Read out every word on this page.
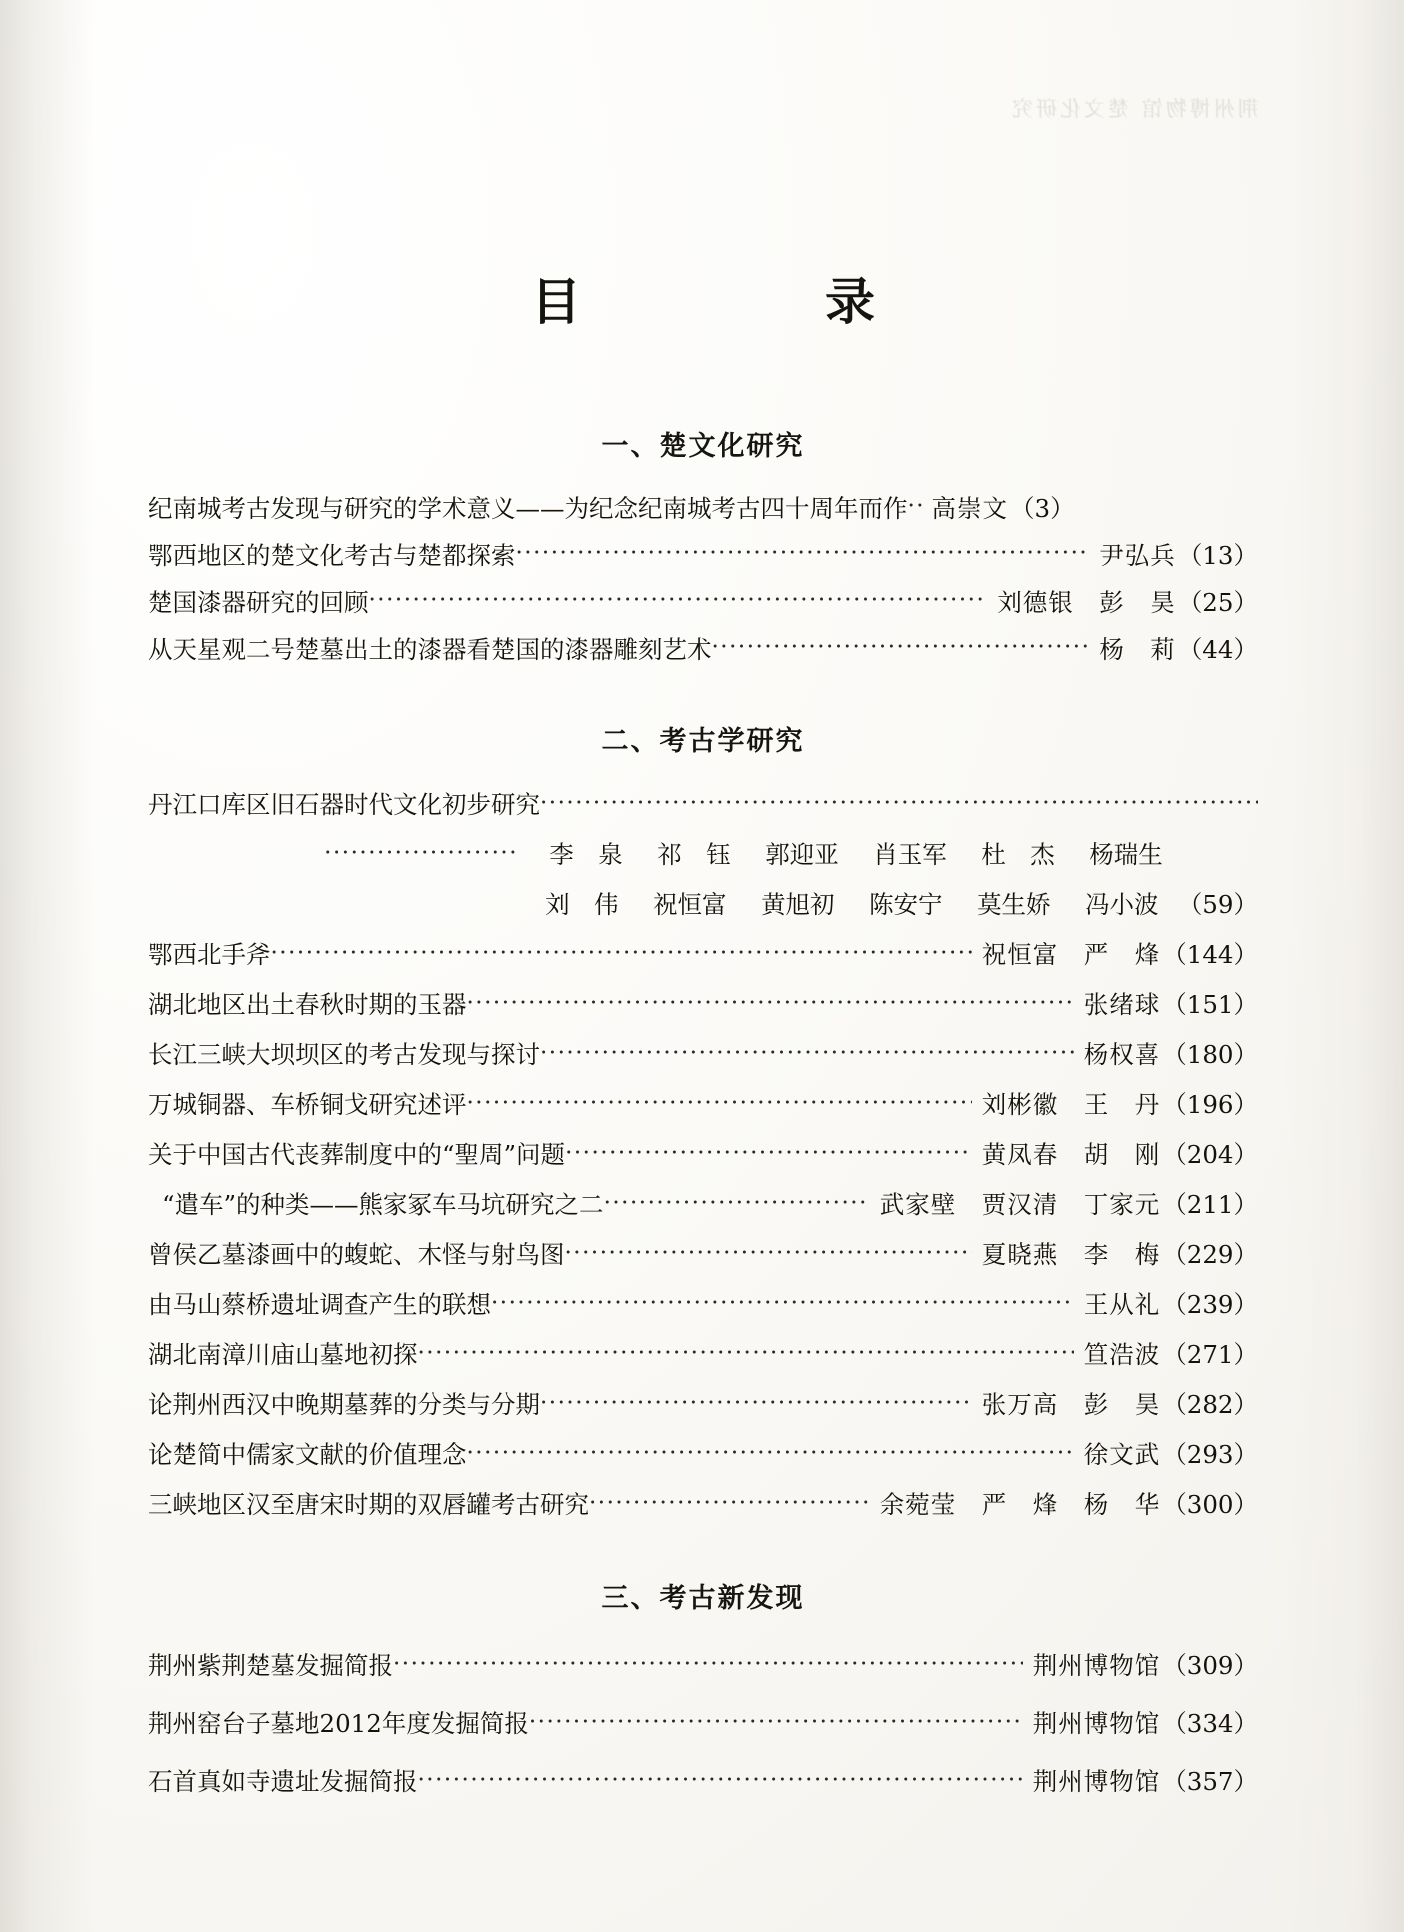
荆州博物馆 楚文化研究
目　　录
一、楚文化研究
纪南城考古发现与研究的学术意义——为纪念纪南城考古四十周年而作 ····· 高崇文 （3）
鄂西地区的楚文化考古与楚都探索 ·····	尹弘兵 （13）
楚国漆器研究的回顾 ·····	刘德银　彭　昊 （25）
从天星观二号楚墓出土的漆器看楚国的漆器雕刻艺术 ·····	杨　莉 （44）
二、考古学研究
丹江口库区旧石器时代文化初步研究
·····
······················	李　泉 祁　钰 郭迎亚 肖玉军 杜　杰 杨瑞生
刘　伟 祝恒富 黄旭初 陈安宁 莫生娇 冯小波 （59）
鄂西北手斧 ·····	祝恒富　严　烽 （144）
湖北地区出土春秋时期的玉器 ·····	张绪球 （151）
长江三峡大坝坝区的考古发现与探讨 ·····	杨权喜 （180）
万城铜器、车桥铜戈研究述评 ·····	刘彬徽　王　丹 （196）
关于中国古代丧葬制度中的“聖周”问题 ·····	黄凤春　胡　刚 （204）
“遣车”的种类——熊家冢车马坑研究之二 ·····	武家壁　贾汉清　丁家元 （211）
曾侯乙墓漆画中的蝮蛇、木怪与射鸟图 ·····	夏晓燕　李　梅 （229）
由马山蔡桥遗址调查产生的联想 ·····	王从礼 （239）
湖北南漳川庙山墓地初探 ·····	笪浩波 （271）
论荆州西汉中晚期墓葬的分类与分期 ·····	张万高　彭　昊 （282）
论楚简中儒家文献的价值理念 ·····	徐文武 （293）
三峡地区汉至唐宋时期的双唇罐考古研究 ·····	余菀莹　严　烽　杨　华 （300）
三、考古新发现
荆州紫荆楚墓发掘简报 ·····	荆州博物馆 （309）
荆州窑台子墓地2012年度发掘简报 ·····	荆州博物馆 （334）
石首真如寺遗址发掘简报 ·····	荆州博物馆 （357）
